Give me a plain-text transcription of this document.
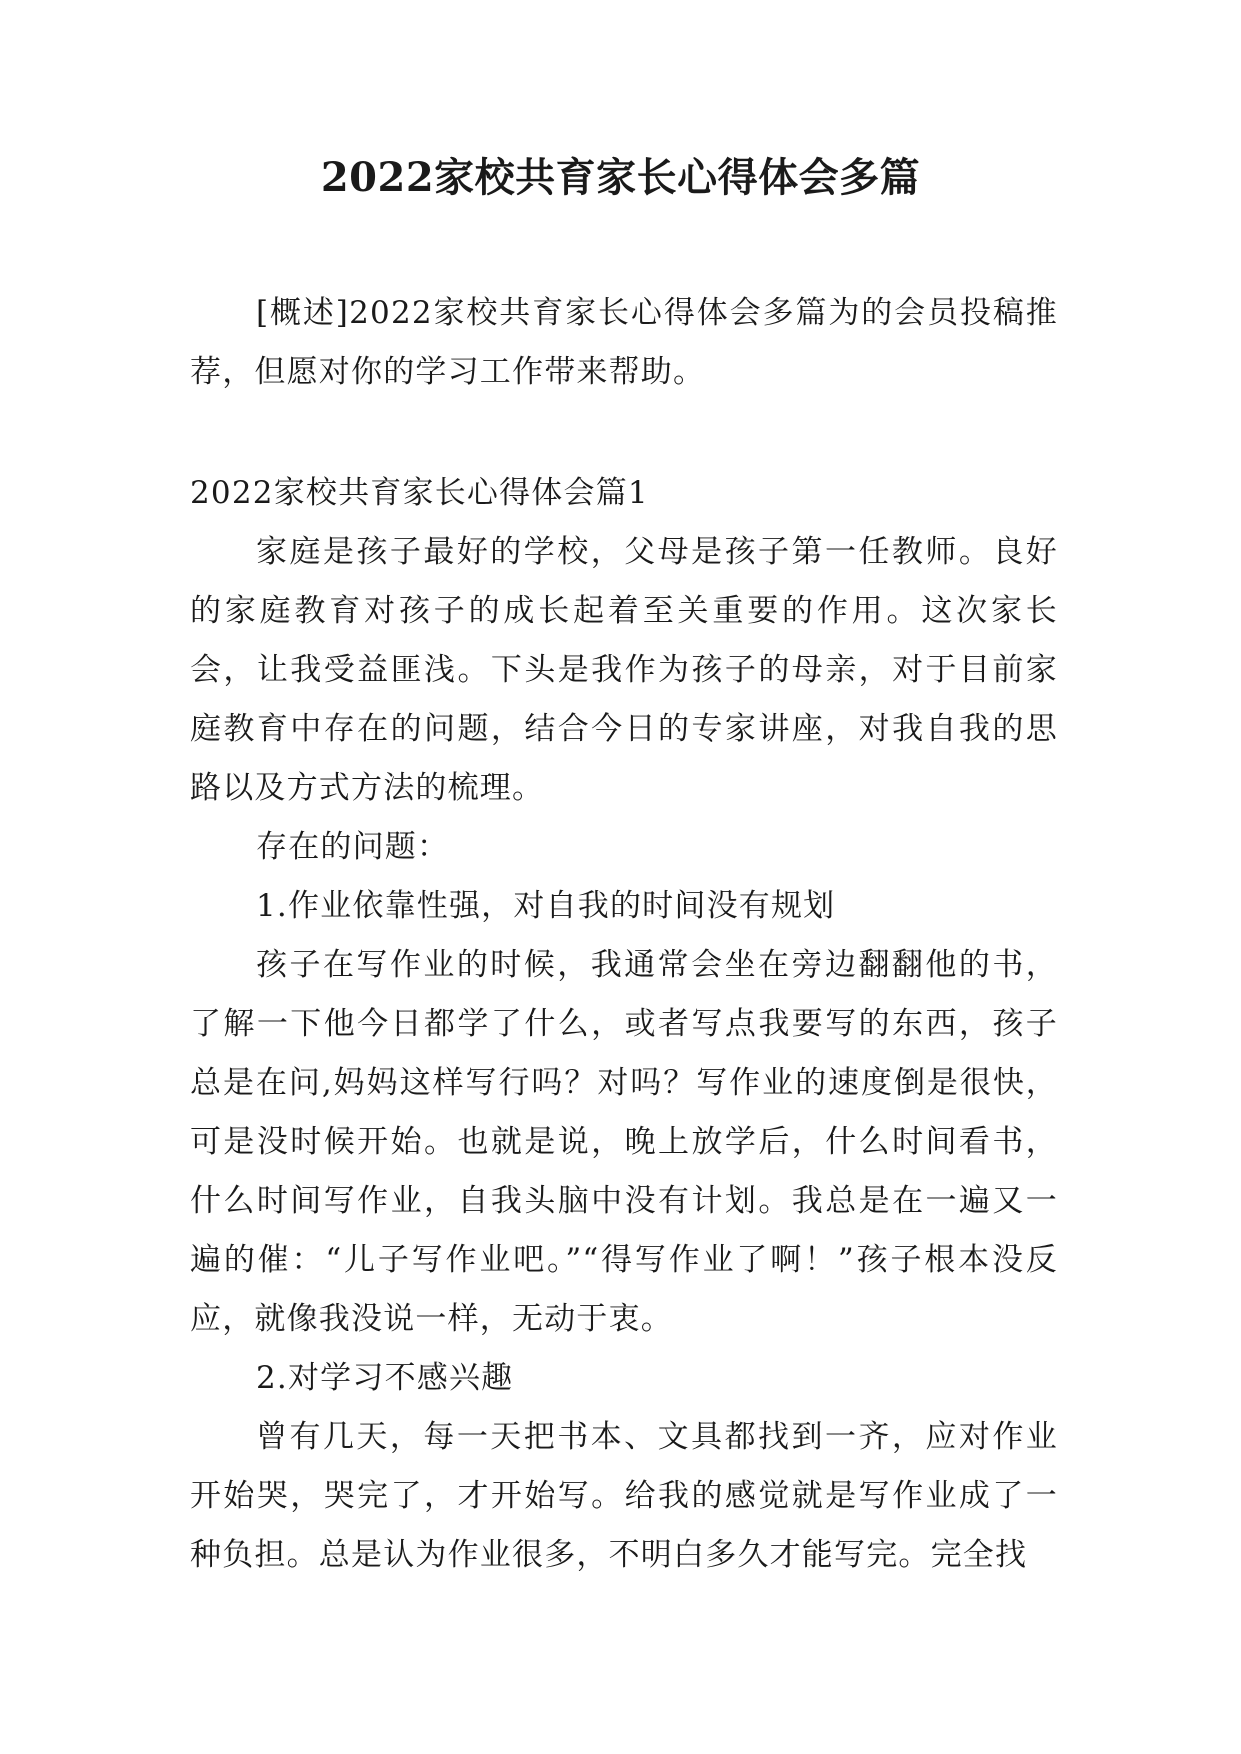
2022家校共育家长心得体会多篇

[概述]2022家校共育家长心得体会多篇为的会员投稿推荐，但愿对你的学习工作带来帮助。

2022家校共育家长心得体会篇1

家庭是孩子最好的学校，父母是孩子第一任教师。良好的家庭教育对孩子的成长起着至关重要的作用。这次家长会，让我受益匪浅。下头是我作为孩子的母亲，对于目前家庭教育中存在的问题，结合今日的专家讲座，对我自我的思路以及方式方法的梳理。

存在的问题：

1.作业依靠性强，对自我的时间没有规划

孩子在写作业的时候，我通常会坐在旁边翻翻他的书，了解一下他今日都学了什么，或者写点我要写的东西，孩子总是在问,妈妈这样写行吗？对吗？写作业的速度倒是很快，可是没时候开始。也就是说，晚上放学后，什么时间看书，什么时间写作业，自我头脑中没有计划。我总是在一遍又一遍的催：“儿子写作业吧。”“得写作业了啊！”孩子根本没反应，就像我没说一样，无动于衷。

2.对学习不感兴趣

曾有几天，每一天把书本、文具都找到一齐，应对作业开始哭，哭完了，才开始写。给我的感觉就是写作业成了一种负担。总是认为作业很多，不明白多久才能写完。完全找
